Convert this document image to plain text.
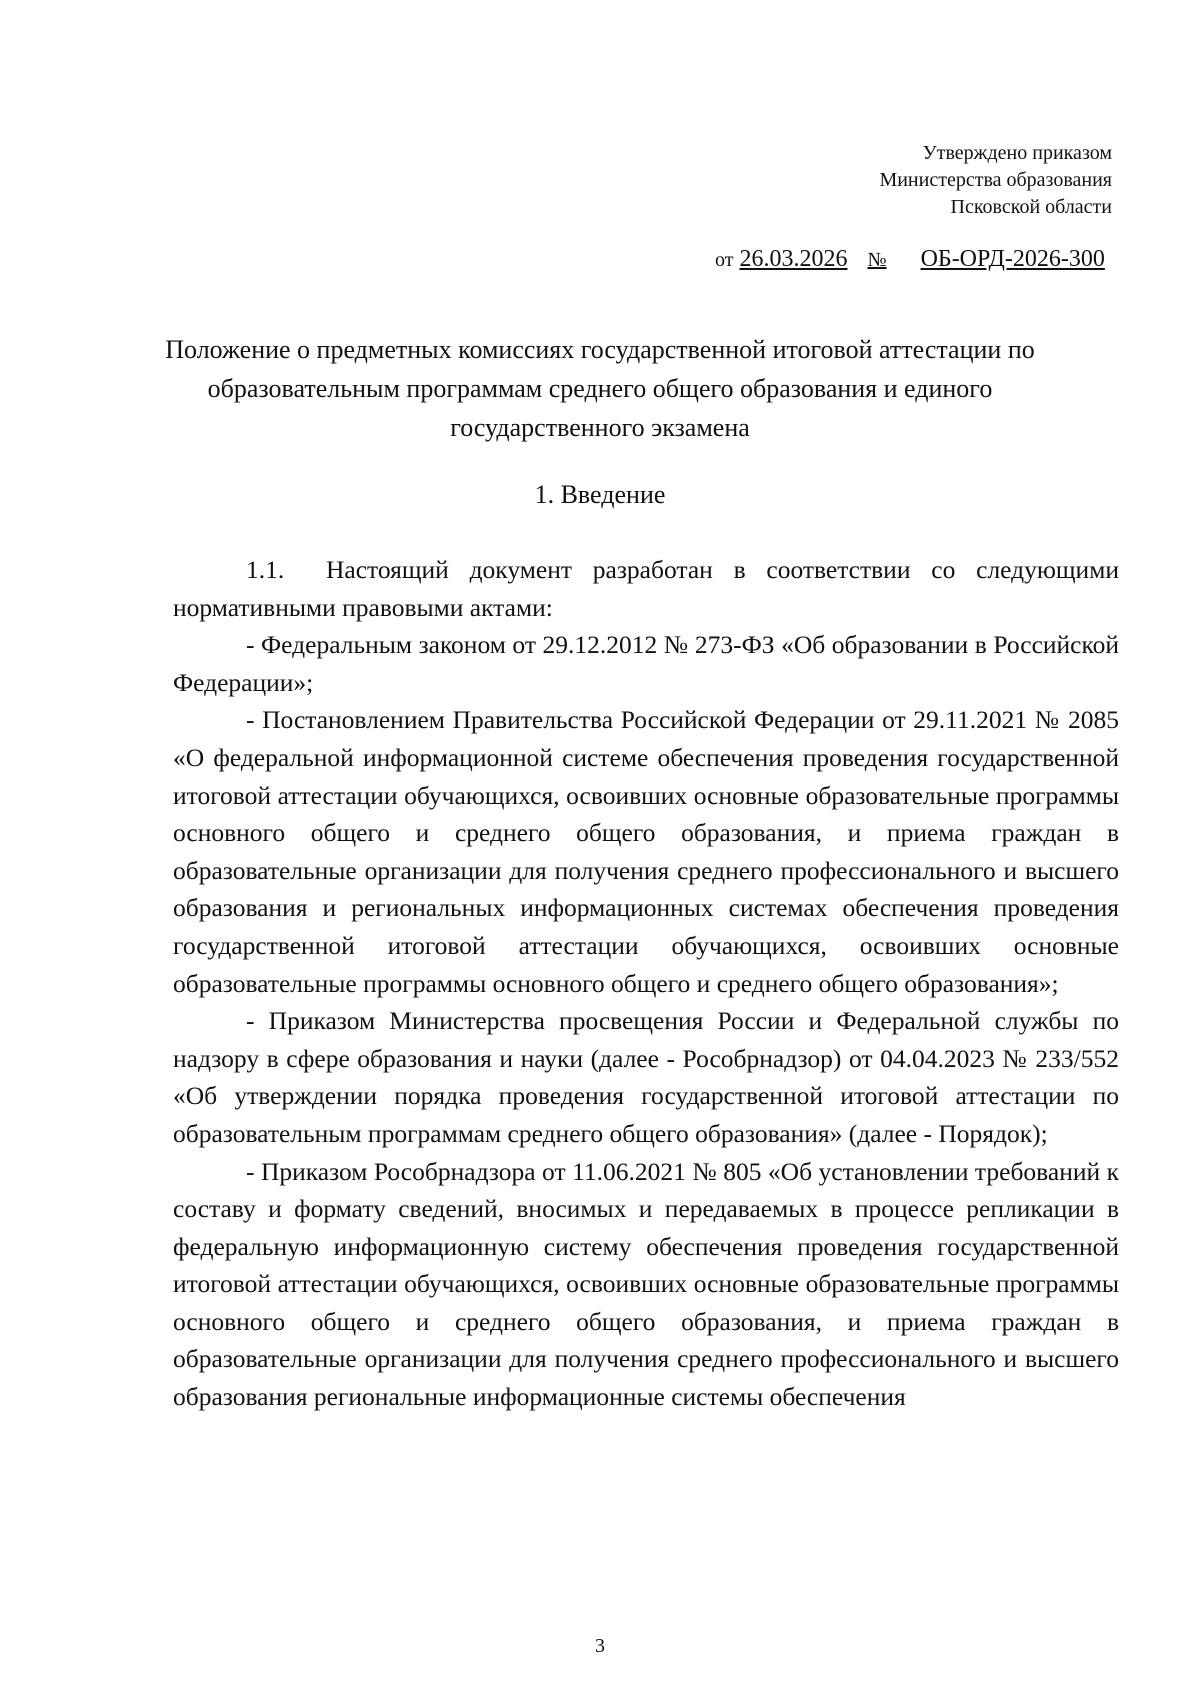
Утверждено приказом
Министерства образования
Псковской области
от 26.03.2026 № ОБ-ОРД-2026-300
Положение о предметных комиссиях государственной итоговой аттестации по образовательным программам среднего общего образования и единого государственного экзамена
1. Введение

1.1. Настоящий документ разработан в соответствии со следующими нормативными правовыми актами:

- Федеральным законом от 29.12.2012 № 273-ФЗ «Об образовании в Российской Федерации»;

- Постановлением Правительства Российской Федерации от 29.11.2021 № 2085 «О федеральной информационной системе обеспечения проведения государственной итоговой аттестации обучающихся, освоивших основные образовательные программы основного общего и среднего общего образования, и приема граждан в образовательные организации для получения среднего профессионального и высшего образования и региональных информационных системах обеспечения проведения государственной итоговой аттестации обучающихся, освоивших основные образовательные программы основного общего и среднего общего образования»;

- Приказом Министерства просвещения России и Федеральной службы по надзору в сфере образования и науки (далее - Рособрнадзор) от 04.04.2023 № 233/552 «Об утверждении порядка проведения государственной итоговой аттестации по образовательным программам среднего общего образования» (далее - Порядок);

- Приказом Рособрнадзора от 11.06.2021 № 805 «Об установлении требований к составу и формату сведений, вносимых и передаваемых в процессе репликации в федеральную информационную систему обеспечения проведения государственной итоговой аттестации обучающихся, освоивших основные образовательные программы основного общего и среднего общего образования, и приема граждан в образовательные организации для получения среднего профессионального и высшего образования региональные информационные системы обеспечения

3
